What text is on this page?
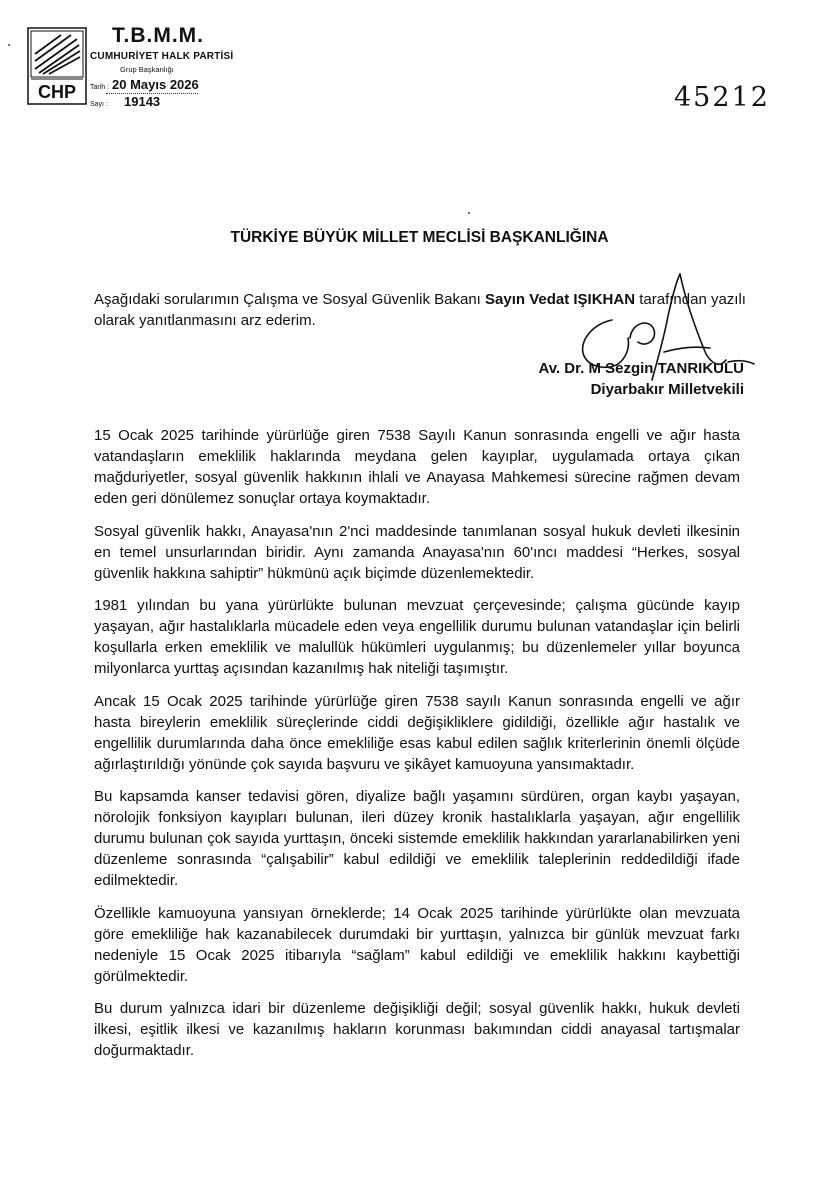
CHP
T.B.M.M.
CUMHURİYET HALK PARTİSİ
Grup Başkanlığı
Tarih : 20 Mayıs 2026
Sayı : 19143	45212
TÜRKİYE BÜYÜK MİLLET MECLİSİ BAŞKANLIĞINA
Aşağıdaki sorularımın Çalışma ve Sosyal Güvenlik Bakanı Sayın Vedat IŞIKHAN tarafından yazılı olarak yanıtlanmasını arz ederim.
Av. Dr. M Sezgin TANRIKULU
Diyarbakır Milletvekili

15 Ocak 2025 tarihinde yürürlüğe giren 7538 Sayılı Kanun sonrasında engelli ve ağır hasta vatandaşların emeklilik haklarında meydana gelen kayıplar, uygulamada ortaya çıkan mağduriyetler, sosyal güvenlik hakkının ihlali ve Anayasa Mahkemesi sürecine rağmen devam eden geri dönülemez sonuçlar ortaya koymaktadır.

Sosyal güvenlik hakkı, Anayasa'nın 2'nci maddesinde tanımlanan sosyal hukuk devleti ilkesinin en temel unsurlarından biridir. Aynı zamanda Anayasa'nın 60'ıncı maddesi “Herkes, sosyal güvenlik hakkına sahiptir” hükmünü açık biçimde düzenlemektedir.

1981 yılından bu yana yürürlükte bulunan mevzuat çerçevesinde; çalışma gücünde kayıp yaşayan, ağır hastalıklarla mücadele eden veya engellilik durumu bulunan vatandaşlar için belirli koşullarla erken emeklilik ve malullük hükümleri uygulanmış; bu düzenlemeler yıllar boyunca milyonlarca yurttaş açısından kazanılmış hak niteliği taşımıştır.

Ancak 15 Ocak 2025 tarihinde yürürlüğe giren 7538 sayılı Kanun sonrasında engelli ve ağır hasta bireylerin emeklilik süreçlerinde ciddi değişikliklere gidildiği, özellikle ağır hastalık ve engellilik durumlarında daha önce emekliliğe esas kabul edilen sağlık kriterlerinin önemli ölçüde ağırlaştırıldığı yönünde çok sayıda başvuru ve şikâyet kamuoyuna yansımaktadır.

Bu kapsamda kanser tedavisi gören, diyalize bağlı yaşamını sürdüren, organ kaybı yaşayan, nörolojik fonksiyon kayıpları bulunan, ileri düzey kronik hastalıklarla yaşayan, ağır engellilik durumu bulunan çok sayıda yurttaşın, önceki sistemde emeklilik hakkından yararlanabilirken yeni düzenleme sonrasında “çalışabilir” kabul edildiği ve emeklilik taleplerinin reddedildiği ifade edilmektedir.

Özellikle kamuoyuna yansıyan örneklerde; 14 Ocak 2025 tarihinde yürürlükte olan mevzuata göre emekliliğe hak kazanabilecek durumdaki bir yurttaşın, yalnızca bir günlük mevzuat farkı nedeniyle 15 Ocak 2025 itibarıyla “sağlam” kabul edildiği ve emeklilik hakkını kaybettiği görülmektedir.

Bu durum yalnızca idari bir düzenleme değişikliği değil; sosyal güvenlik hakkı, hukuk devleti ilkesi, eşitlik ilkesi ve kazanılmış hakların korunması bakımından ciddi anayasal tartışmalar doğurmaktadır.
